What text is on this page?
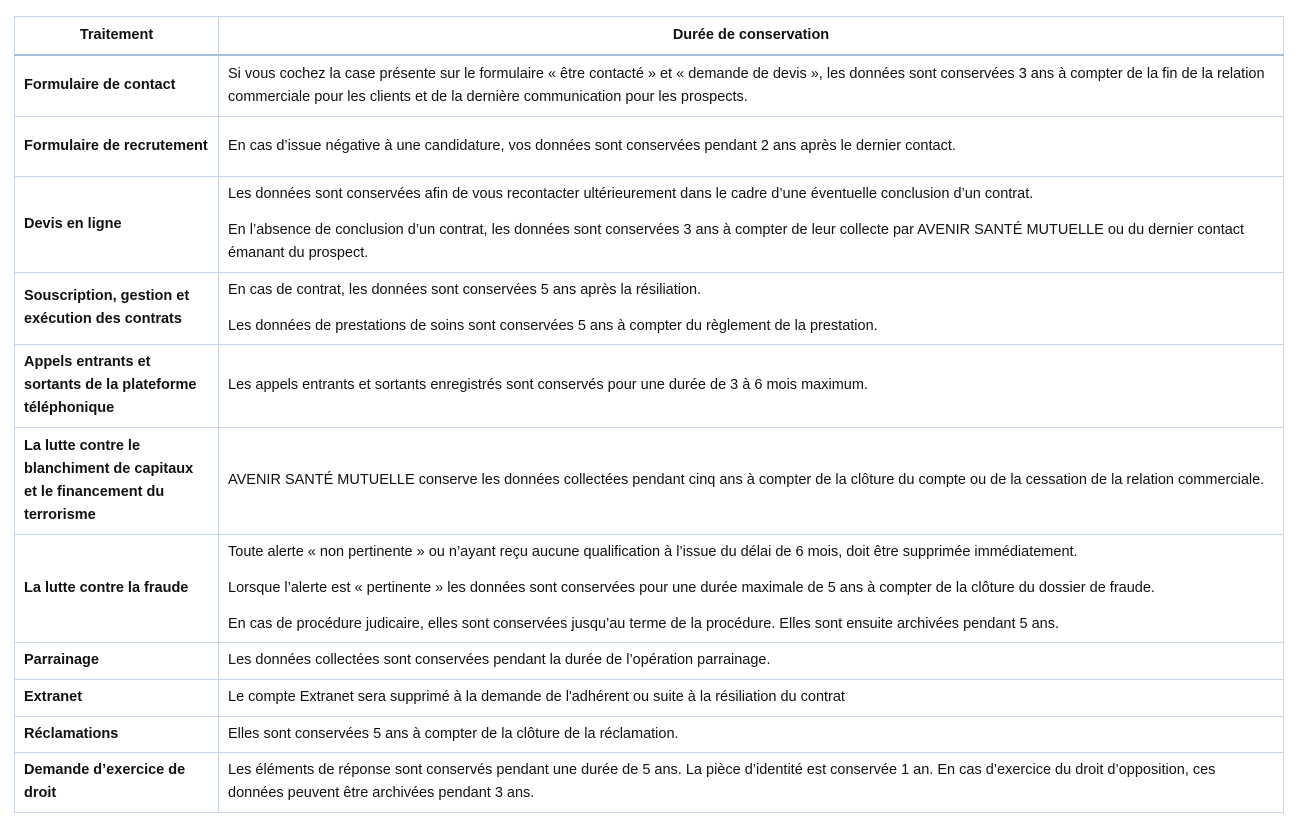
Traitement	Durée de conservation
Formulaire de contact	Si vous cochez la case présente sur le formulaire « être contacté » et « demande de devis », les données sont conservées 3 ans à compter de la fin de la relation commerciale pour les clients et de la dernière communication pour les prospects.

Formulaire de recrutement	En cas d’issue négative à une candidature, vos données sont conservées pendant 2 ans après le dernier contact.

Devis en ligne	Les données sont conservées afin de vous recontacter ultérieurement dans le cadre d’une éventuelle conclusion d’un contrat.
En l’absence de conclusion d’un contrat, les données sont conservées 3 ans à compter de leur collecte par AVENIR SANTÉ MUTUELLE ou du dernier contact émanant du prospect.

Souscription, gestion et exécution des contrats	En cas de contrat, les données sont conservées 5 ans après la résiliation.
Les données de prestations de soins sont conservées 5 ans à compter du règlement de la prestation.

Appels entrants et sortants de la plateforme téléphonique	Les appels entrants et sortants enregistrés sont conservés pour une durée de 3 à 6 mois maximum.

La lutte contre le blanchiment de capitaux et le financement du terrorisme	AVENIR SANTÉ MUTUELLE conserve les données collectées pendant cinq ans à compter de la clôture du compte ou de la cessation de la relation commerciale.

La lutte contre la fraude	Toute alerte « non pertinente » ou n’ayant reçu aucune qualification à l’issue du délai de 6 mois, doit être supprimée immédiatement.
Lorsque l’alerte est « pertinente » les données sont conservées pour une durée maximale de 5 ans à compter de la clôture du dossier de fraude.
En cas de procédure judicaire, elles sont conservées jusqu’au terme de la procédure. Elles sont ensuite archivées pendant 5 ans.

Parrainage	Les données collectées sont conservées pendant la durée de l’opération parrainage.

Extranet	Le compte Extranet sera supprimé à la demande de l'adhérent ou suite à la résiliation du contrat

Réclamations	Elles sont conservées 5 ans à compter de la clôture de la réclamation.

Demande d’exercice de droit	Les éléments de réponse sont conservés pendant une durée de 5 ans. La pièce d’identité est conservée 1 an. En cas d’exercice du droit d’opposition, ces données peuvent être archivées pendant 3 ans.
